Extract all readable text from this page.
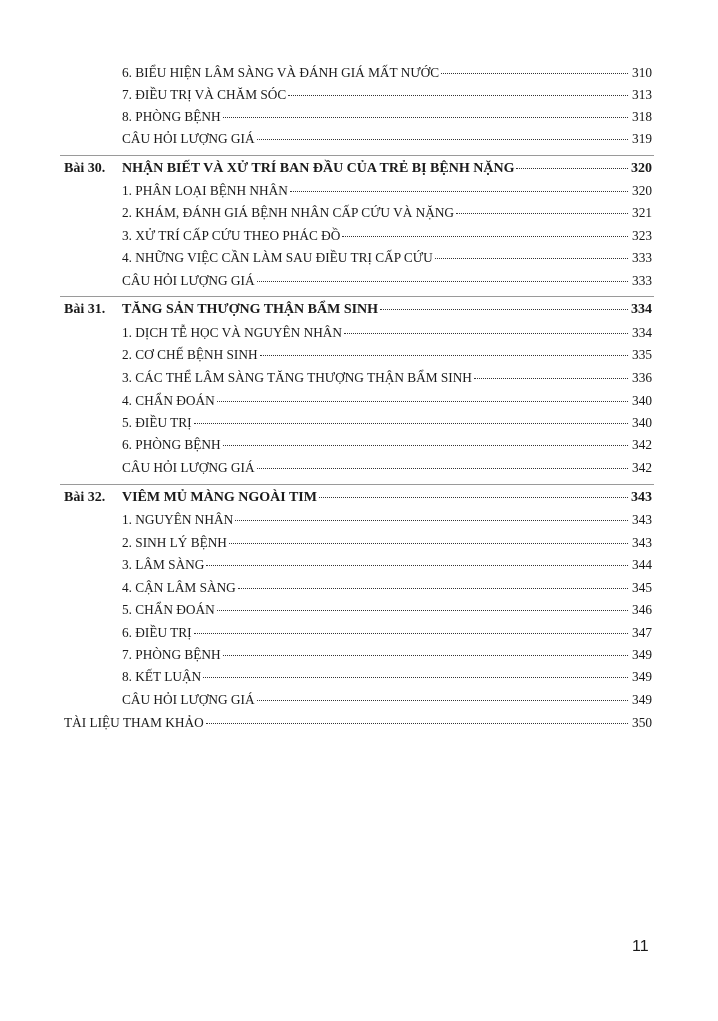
6. BIỂU HIỆN LÂM SÀNG VÀ ĐÁNH GIÁ MẤT NƯỚC	310
7. ĐIỀU TRỊ VÀ CHĂM SÓC	313
8. PHÒNG BỆNH	318
CÂU HỎI LƯỢNG GIÁ	319
Bài 30.	NHẬN BIẾT VÀ XỬ TRÍ BAN ĐẦU CỦA TRẺ BỊ BỆNH NẶNG	320
1. PHÂN LOẠI BỆNH NHÂN	320
2. KHÁM, ĐÁNH GIÁ BỆNH NHÂN CẤP CỨU VÀ NẶNG	321
3. XỬ TRÍ CẤP CỨU THEO PHÁC ĐỒ	323
4. NHỮNG VIỆC CẦN LÀM SAU ĐIỀU TRỊ CẤP CỨU	333
CÂU HỎI LƯỢNG GIÁ	333
Bài 31.	TĂNG SẢN THƯỢNG THẬN BẨM SINH	334
1. DỊCH TỄ HỌC VÀ NGUYÊN NHÂN	334
2. CƠ CHẾ BỆNH SINH	335
3. CÁC THỂ LÂM SÀNG TĂNG THƯỢNG THẬN BẨM SINH	336
4. CHẨN ĐOÁN	340
5. ĐIỀU TRỊ	340
6. PHÒNG BỆNH	342
CÂU HỎI LƯỢNG GIÁ	342
Bài 32.	VIÊM MỦ MÀNG NGOÀI TIM	343
1. NGUYÊN NHÂN	343
2. SINH LÝ BỆNH	343
3. LÂM SÀNG	344
4. CẬN LÂM SÀNG	345
5. CHẨN ĐOÁN	346
6. ĐIỀU TRỊ	347
7. PHÒNG BỆNH	349
8. KẾT LUẬN	349
CÂU HỎI LƯỢNG GIÁ	349
TÀI LIỆU THAM KHẢO	350
11
